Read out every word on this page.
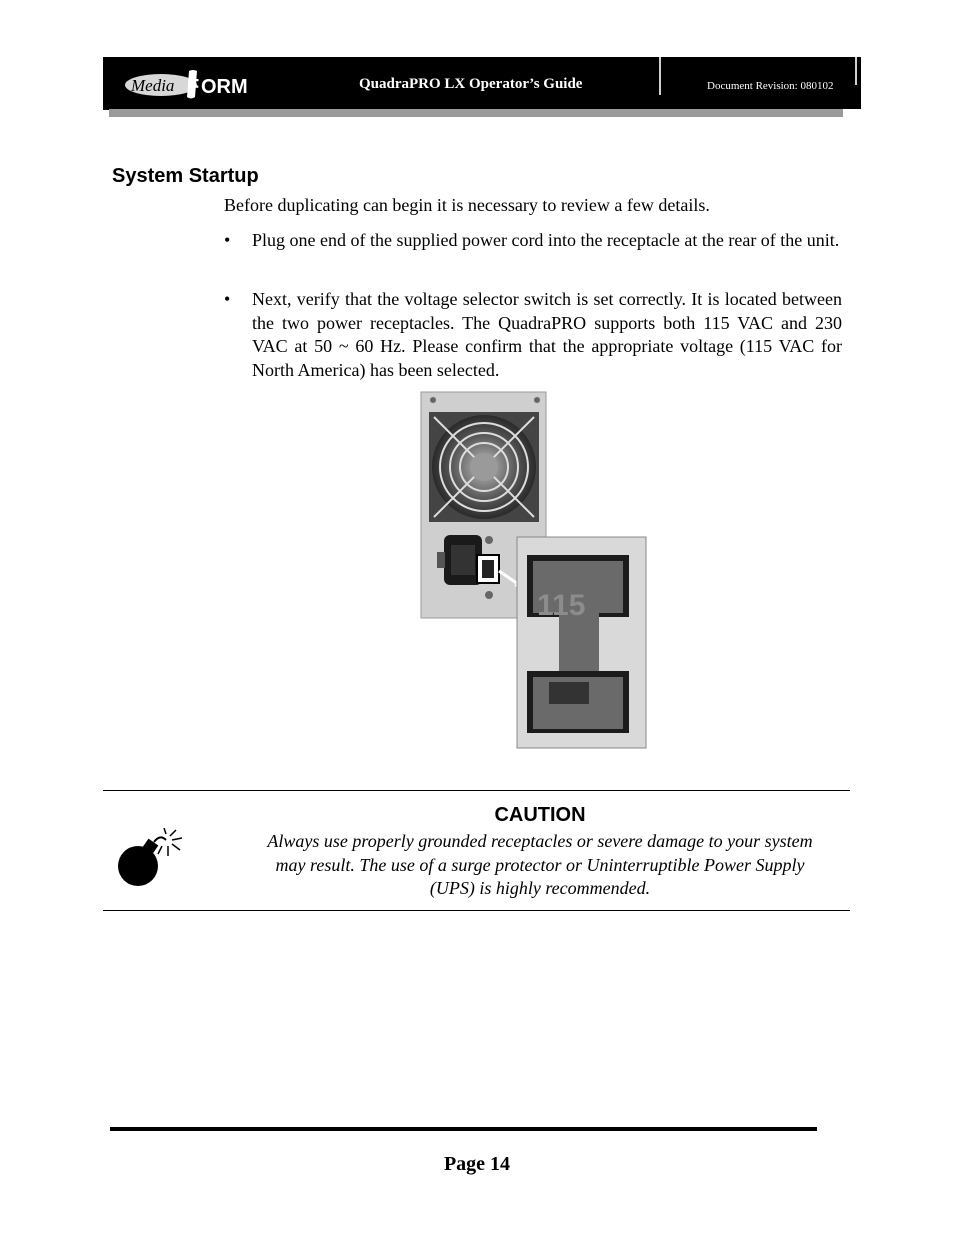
Media F ORM	QuadraPRO LX Operator’s Guide	Document Revision: 080102
System Startup
Before duplicating can begin it is necessary to review a few details.
•	Plug one end of the supplied power cord into the receptacle at the rear of the unit.
•	Next, verify that the voltage selector switch is set correctly. It is located between the two power receptacles. The QuadraPRO supports both 115 VAC and 230 VAC at 50 ~ 60 Hz. Please confirm that the appropriate voltage (115 VAC for North America) has been selected.
115
CAUTION
Always use properly grounded receptacles or severe damage to your system may result. The use of a surge protector or Uninterruptible Power Supply (UPS) is highly recommended.
Page 14
